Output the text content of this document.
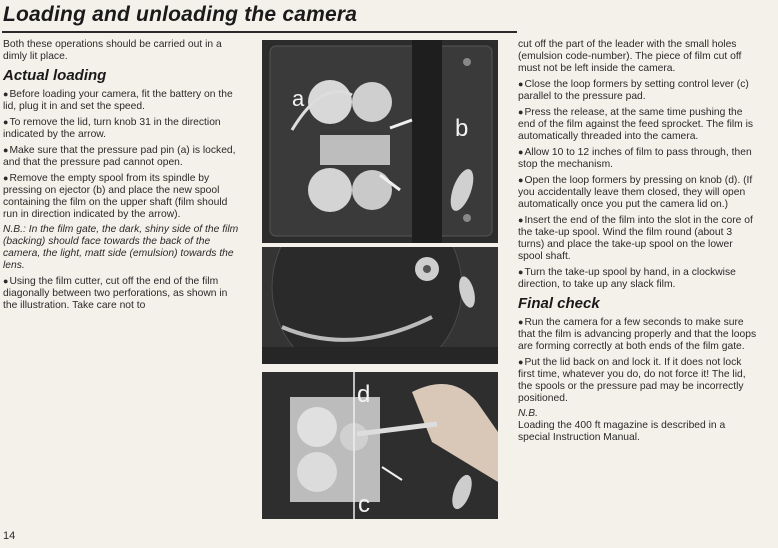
Loading and unloading the camera

Both these operations should be carried out in a dimly lit place.

Actual loading

● Before loading your camera, fit the battery on the lid, plug it in and set the speed.

● To remove the lid, turn knob 31 in the direction indicated by the arrow.

● Make sure that the pressure pad pin (a) is locked, and that the pressure pad cannot open.

● Remove the empty spool from its spindle by pressing on ejector (b) and place the new spool containing the film on the upper shaft (film should run in direction indicated by the arrow).

N.B.: In the film gate, the dark, shiny side of the film (backing) should face towards the back of the camera, the light, matt side (emulsion) towards the lens.

● Using the film cutter, cut off the end of the film diagonally between two perforations, as shown in the illustration. Take care not to

a
b
d
c

cut off the part of the leader with the small holes (emulsion code-number). The piece of film cut off must not be left inside the camera.

● Close the loop formers by setting control lever (c) parallel to the pressure pad.

● Press the release, at the same time pushing the end of the film against the feed sprocket. The film is automatically threaded into the camera.

● Allow 10 to 12 inches of film to pass through, then stop the mechanism.

● Open the loop formers by pressing on knob (d). (If you accidentally leave them closed, they will open automatically once you put the camera lid on.)

● Insert the end of the film into the slot in the core of the take-up spool. Wind the film round (about 3 turns) and place the take-up spool on the lower spool shaft.

● Turn the take-up spool by hand, in a clockwise direction, to take up any slack film.

Final check

● Run the camera for a few seconds to make sure that the film is advancing properly and that the loops are forming correctly at both ends of the film gate.

● Put the lid back on and lock it. If it does not lock first time, whatever you do, do not force it! The lid, the spools or the pressure pad may be incorrectly positioned.

N.B.

Loading the 400 ft magazine is described in a special Instruction Manual.

14
